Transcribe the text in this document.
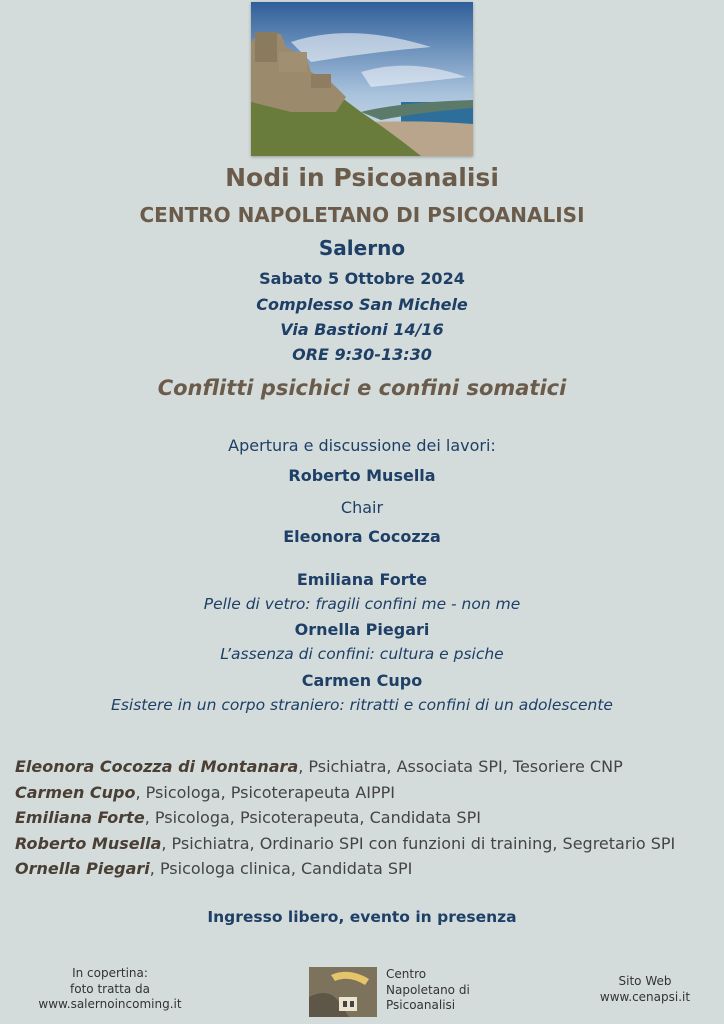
Nodi in Psicoanalisi
CENTRO NAPOLETANO DI PSICOANALISI
Salerno
Sabato 5 Ottobre 2024
Complesso San Michele
Via Bastioni 14/16
ORE 9:30-13:30
Conflitti psichici e confini somatici
Apertura e discussione dei lavori:
Roberto Musella
Chair
Eleonora Cocozza
Emiliana Forte
Pelle di vetro: fragili confini me - non me
Ornella Piegari
L’assenza di confini: cultura e psiche
Carmen Cupo
Esistere in un corpo straniero: ritratti e confini di un adolescente
Eleonora Cocozza di Montanara, Psichiatra, Associata SPI, Tesoriere CNP
Carmen Cupo, Psicologa, Psicoterapeuta AIPPI
Emiliana Forte, Psicologa, Psicoterapeuta, Candidata SPI
Roberto Musella, Psichiatra, Ordinario SPI con funzioni di training, Segretario SPI
Ornella Piegari, Psicologa clinica, Candidata SPI
Ingresso libero, evento in presenza
In copertina:
foto tratta da
www.salernoincoming.it
Centro
Napoletano di
Psicoanalisi
Sito Web
www.cenapsi.it
